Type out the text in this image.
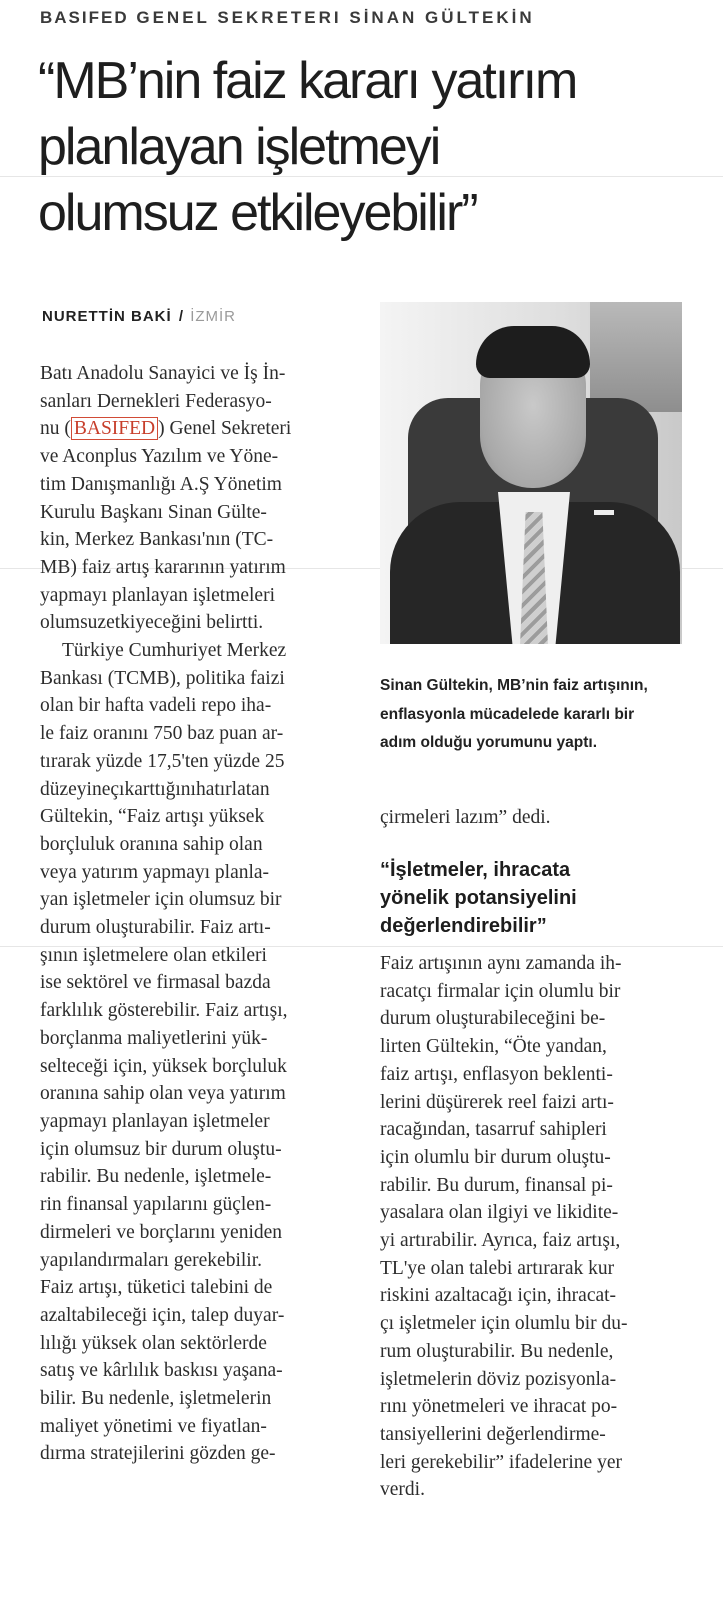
BASIFED GENEL SEKRETERI SİNAN GÜLTEKİN
“MB’nin faiz kararı yatırım
planlayan işletmeyi
olumsuz etkileyebilir”
NURETTİN BAKİ / İZMİR
Batı Anadolu Sanayici ve İş İn-
sanları Dernekleri Federasyo-
nu ( BASIFED ) Genel Sekreteri
ve Aconplus Yazılım ve Yöne-
tim Danışmanlığı A.Ş Yönetim
Kurulu Başkanı Sinan Gülte-
kin, Merkez Bankası'nın (TC-
MB) faiz artış kararının yatırım
yapmayı planlayan işletmeleri
olumsuzetkiyeceğini belirtti.
Türkiye Cumhuriyet Merkez
Bankası (TCMB), politika faizi
olan bir hafta vadeli repo iha-
le faiz oranını 750 baz puan ar-
tırarak yüzde 17,5'ten yüzde 25
düzeyineçıkarttığınıhatırlatan
Gültekin, “Faiz artışı yüksek
borçluluk oranına sahip olan
veya yatırım yapmayı planla-
yan işletmeler için olumsuz bir
durum oluşturabilir. Faiz artı-
şının işletmelere olan etkileri
ise sektörel ve firmasal bazda
farklılık gösterebilir. Faiz artışı,
borçlanma maliyetlerini yük-
selteceği için, yüksek borçluluk
oranına sahip olan veya yatırım
yapmayı planlayan işletmeler
için olumsuz bir durum oluştu-
rabilir. Bu nedenle, işletmele-
rin finansal yapılarını güçlen-
dirmeleri ve borçlarını yeniden
yapılandırmaları gerekebilir.
Faiz artışı, tüketici talebini de
azaltabileceği için, talep duyar-
lılığı yüksek olan sektörlerde
satış ve kârlılık baskısı yaşana-
bilir. Bu nedenle, işletmelerin
maliyet yönetimi ve fiyatlan-
dırma stratejilerini gözden ge-
Sinan Gültekin, MB’nin faiz artışının,
enflasyonla mücadelede kararlı bir
adım olduğu yorumunu yaptı.
çirmeleri lazım” dedi.
“İşletmeler, ihracata
yönelik potansiyelini
değerlendirebilir”
Faiz artışının aynı zamanda ih-
racatçı firmalar için olumlu bir
durum oluşturabileceğini be-
lirten Gültekin, “Öte yandan,
faiz artışı, enflasyon beklenti-
lerini düşürerek reel faizi artı-
racağından, tasarruf sahipleri
için olumlu bir durum oluştu-
rabilir. Bu durum, finansal pi-
yasalara olan ilgiyi ve likidite-
yi artırabilir. Ayrıca, faiz artışı,
TL'ye olan talebi artırarak kur
riskini azaltacağı için, ihracat-
çı işletmeler için olumlu bir du-
rum oluşturabilir. Bu nedenle,
işletmelerin döviz pozisyonla-
rını yönetmeleri ve ihracat po-
tansiyellerini değerlendirme-
leri gerekebilir” ifadelerine yer
verdi.
